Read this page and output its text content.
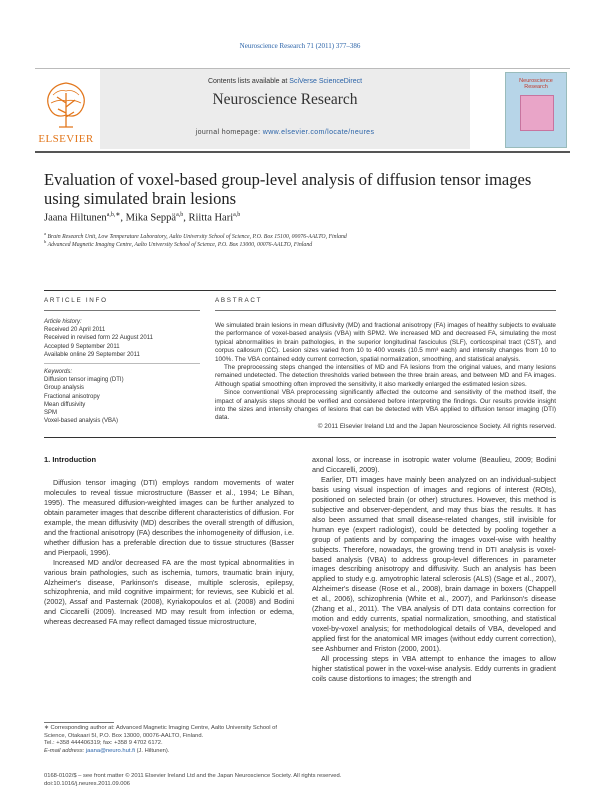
Neuroscience Research 71 (2011) 377–386
ELSEVIER
Contents lists available at SciVerse ScienceDirect
Neuroscience Research
journal homepage: www.elsevier.com/locate/neures
Neuroscience Research
Evaluation of voxel-based group-level analysis of diffusion tensor images using simulated brain lesions
Jaana Hiltunen$^{a,b,∗}$, Mika Seppä$^{a,b}$, Riitta Hari$^{a,b}$
$^a$ Brain Research Unit, Low Temperature Laboratory, Aalto University School of Science, P.O. Box 15100, 00076-AALTO, Finland
$^b$ Advanced Magnetic Imaging Centre, Aalto University School of Science, P.O. Box 13000, 00076-AALTO, Finland
ARTICLE INFO	ABSTRACT
Article history:
Received 20 April 2011
Received in revised form 22 August 2011
Accepted 9 September 2011
Available online 29 September 2011
Keywords:
Diffusion tensor imaging (DTI)
Group analysis
Fractional anisotropy
Mean diffusivity
SPM
Voxel-based analysis (VBA)

We simulated brain lesions in mean diffusivity (MD) and fractional anisotropy (FA) images of healthy subjects to evaluate the performance of voxel-based analysis (VBA) with SPM2. We increased MD and decreased FA, simulating the most typical abnormalities in brain pathologies, in the superior longitudinal fasciculus (SLF), corticospinal tract (CST), and corpus callosum (CC). Lesion sizes varied from 10 to 400 voxels (10.5 mm³ each) and intensity changes from 10 to 100%. The VBA contained eddy current correction, spatial normalization, smoothing, and statistical analysis.

The preprocessing steps changed the intensities of MD and FA lesions from the original values, and many lesions remained undetected. The detection thresholds varied between the three brain areas, and between MD and FA images. Although spatial smoothing often improved the sensitivity, it also markedly enlarged the estimated lesion sizes.

Since conventional VBA preprocessing significantly affected the outcome and sensitivity of the method itself, the impact of analysis steps should be verified and considered before interpreting the findings. Our results provide insight into the sizes and intensity changes of lesions that can be detected with VBA applied to diffusion tensor imaging (DTI) data.

© 2011 Elsevier Ireland Ltd and the Japan Neuroscience Society. All rights reserved.

1. Introduction

Diffusion tensor imaging (DTI) employs random movements of water molecules to reveal tissue microstructure (Basser et al., 1994; Le Bihan, 1995). The measured diffusion-weighted images can be further analyzed to obtain parameter images that describe different characteristics of diffusion. For example, the mean diffusivity (MD) describes the overall strength of diffusion, and the fractional anisotropy (FA) describes the inhomogeneity of diffusion, i.e. whether diffusion has a preferable direction due to tissue structures (Basser and Pierpaoli, 1996).

Increased MD and/or decreased FA are the most typical abnormalities in various brain pathologies, such as ischemia, tumors, traumatic brain injury, Alzheimer's disease, Parkinson's disease, multiple sclerosis, epilepsy, schizophrenia, and mild cognitive impairment; for reviews, see Kubicki et al. (2002), Assaf and Pasternak (2008), Kyriakopoulos et al. (2008) and Bodini and Ciccarelli (2009). Increased MD may result from infection or edema, whereas decreased FA may reflect damaged tissue microstructure,

axonal loss, or increase in isotropic water volume (Beaulieu, 2009; Bodini and Ciccarelli, 2009).

Earlier, DTI images have mainly been analyzed on an individual-subject basis using visual inspection of images and regions of interest (ROIs), positioned on selected brain (or other) structures. However, this method is subjective and observer-dependent, and may thus bias the results. It has also been assumed that small disease-related changes, still invisible for human eye (expert radiologist), could be detected by pooling together a group of patients and by comparing the images voxel-wise with healthy subjects. Therefore, nowadays, the growing trend in DTI analysis is voxel-based analysis (VBA) to address group-level differences in parameter images describing anisotropy and diffusivity. Such an analysis has been applied to study e.g. amyotrophic lateral sclerosis (ALS) (Sage et al., 2007), Alzheimer's disease (Rose et al., 2008), brain damage in boxers (Chappell et al., 2006), schizophrenia (White et al., 2007), and Parkinson's disease (Zhang et al., 2011). The VBA analysis of DTI data contains correction for motion and eddy currents, spatial normalization, smoothing, and statistical voxel-by-voxel analysis; for methodological details of VBA, developed and applied first for the anatomical MR images (without eddy current correction), see Ashburner and Friston (2000, 2001).

All processing steps in VBA attempt to enhance the images to allow higher statistical power in the voxel-wise analysis. Eddy currents in gradient coils cause distortions to images; the strength and

∗ Corresponding author at: Advanced Magnetic Imaging Centre, Aalto University School of Science, Otakaari 5I, P.O. Box 13000, 00076-AALTO, Finland.
Tel.: +358 444406319; fax: +358 9 4702 6172.
E-mail address: jaana@neuro.hut.fi (J. Hiltunen).
0168-0102/$ – see front matter © 2011 Elsevier Ireland Ltd and the Japan Neuroscience Society. All rights reserved.
doi:10.1016/j.neures.2011.09.006
